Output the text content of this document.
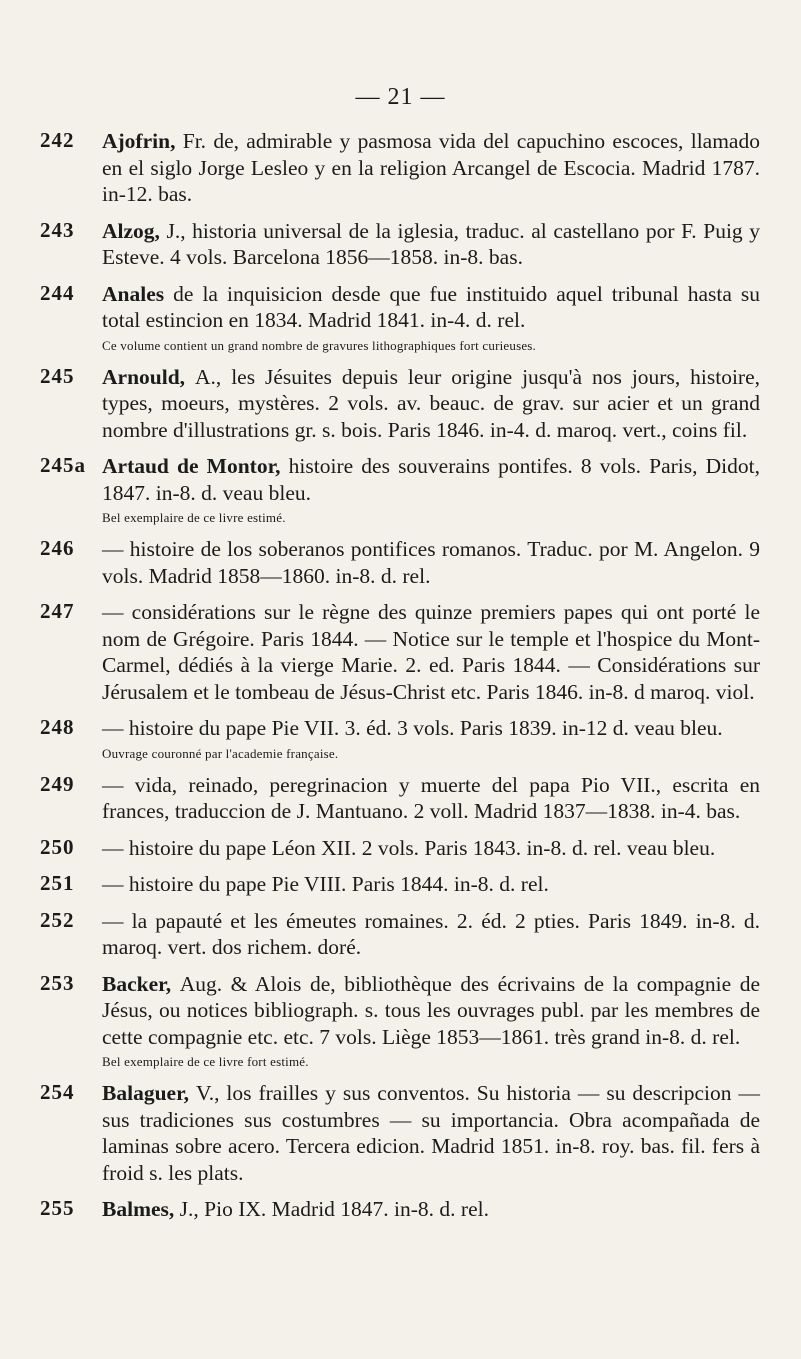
— 21 —
242	Ajofrin, Fr. de, admirable y pasmosa vida del capuchino escoces, llamado en el siglo Jorge Lesleo y en la religion Arcangel de Escocia. Madrid 1787. in-12. bas.
243	Alzog, J., historia universal de la iglesia, traduc. al castellano por F. Puig y Esteve. 4 vols. Barcelona 1856—1858. in-8. bas.
244	Anales de la inquisicion desde que fue instituido aquel tribunal hasta su total estincion en 1834. Madrid 1841. in-4. d. rel.
Ce volume contient un grand nombre de gravures lithographiques fort curieuses.
245	Arnould, A., les Jésuites depuis leur origine jusqu'à nos jours, histoire, types, moeurs, mystères. 2 vols. av. beauc. de grav. sur acier et un grand nombre d'illustrations gr. s. bois. Paris 1846. in-4. d. maroq. vert., coins fil.
245a Artaud de Montor, histoire des souverains pontifes. 8 vols. Paris, Didot, 1847. in-8. d. veau bleu.
Bel exemplaire de ce livre estimé.
246	— histoire de los soberanos pontifices romanos. Traduc. por M. Angelon. 9 vols. Madrid 1858—1860. in-8. d. rel.
247	— considérations sur le règne des quinze premiers papes qui ont porté le nom de Grégoire. Paris 1844. — Notice sur le temple et l'hospice du Mont-Carmel, dédiés à la vierge Marie. 2. ed. Paris 1844. — Considérations sur Jérusalem et le tombeau de Jésus-Christ etc. Paris 1846. in-8. d maroq. viol.
248	— histoire du pape Pie VII. 3. éd. 3 vols. Paris 1839. in-12 d. veau bleu.
Ouvrage couronné par l'academie française.
249	— vida, reinado, peregrinacion y muerte del papa Pio VII., escrita en frances, traduccion de J. Mantuano. 2 voll. Madrid 1837—1838. in-4. bas.
250	— histoire du pape Léon XII. 2 vols. Paris 1843. in-8. d. rel. veau bleu.
251	— histoire du pape Pie VIII. Paris 1844. in-8. d. rel.
252	— la papauté et les émeutes romaines. 2. éd. 2 pties. Paris 1849. in-8. d. maroq. vert. dos richem. doré.
253	Backer, Aug. & Alois de, bibliothèque des écrivains de la compagnie de Jésus, ou notices bibliograph. s. tous les ouvrages publ. par les membres de cette compagnie etc. etc. 7 vols. Liège 1853—1861. très grand in-8. d. rel.
Bel exemplaire de ce livre fort estimé.
254	Balaguer, V., los frailles y sus conventos. Su historia — su descripcion — sus tradiciones sus costumbres — su importancia. Obra acompañada de laminas sobre acero. Tercera edicion. Madrid 1851. in-8. roy. bas. fil. fers à froid s. les plats.
255	Balmes, J., Pio IX. Madrid 1847. in-8. d. rel.
